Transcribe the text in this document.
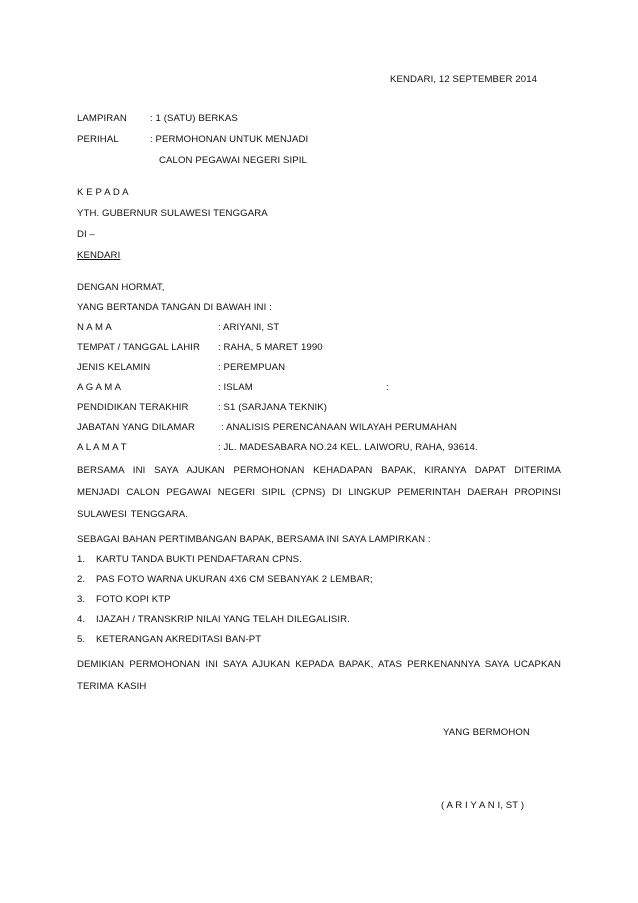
KENDARI, 12 SEPTEMBER 2014
LAMPIRAN : 1 (SATU) BERKAS
PERIHAL	: PERMOHONAN UNTUK MENJADI
CALON PEGAWAI NEGERI SIPIL
K E P A D A
YTH. GUBERNUR SULAWESI TENGGARA
DI –
KENDARI
DENGAN HORMAT,
YANG BERTANDA TANGAN DI BAWAH INI :
N A M A	: ARIYANI, ST
TEMPAT / TANGGAL LAHIR : RAHA, 5 MARET 1990
JENIS KELAMIN	: PEREMPUAN
A G A M A	: ISLAM	:
PENDIDIKAN TERAKHIR	: S1 (SARJANA TEKNIK)
JABATAN YANG DILAMAR	: ANALISIS PERENCANAAN WILAYAH PERUMAHAN
A L A M A T	: JL. MADESABARA NO.24 KEL. LAIWORU, RAHA, 93614.
BERSAMA INI SAYA AJUKAN PERMOHONAN KEHADAPAN BAPAK, KIRANYA DAPAT DITERIMA MENJADI CALON PEGAWAI NEGERI SIPIL (CPNS) DI LINGKUP PEMERINTAH DAERAH PROPINSI SULAWESI TENGGARA.
SEBAGAI BAHAN PERTIMBANGAN BAPAK, BERSAMA INI SAYA LAMPIRKAN :
1. KARTU TANDA BUKTI PENDAFTARAN CPNS.
2. PAS FOTO WARNA UKURAN 4X6 CM SEBANYAK 2 LEMBAR;
3. FOTO KOPI KTP
4. IJAZAH / TRANSKRIP NILAI YANG TELAH DILEGALISIR.
5. KETERANGAN AKREDITASI BAN-PT
DEMIKIAN PERMOHONAN INI SAYA AJUKAN KEPADA BAPAK, ATAS PERKENANNYA SAYA UCAPKAN TERIMA KASIH
YANG BERMOHON
( A R I Y A N I, ST )
